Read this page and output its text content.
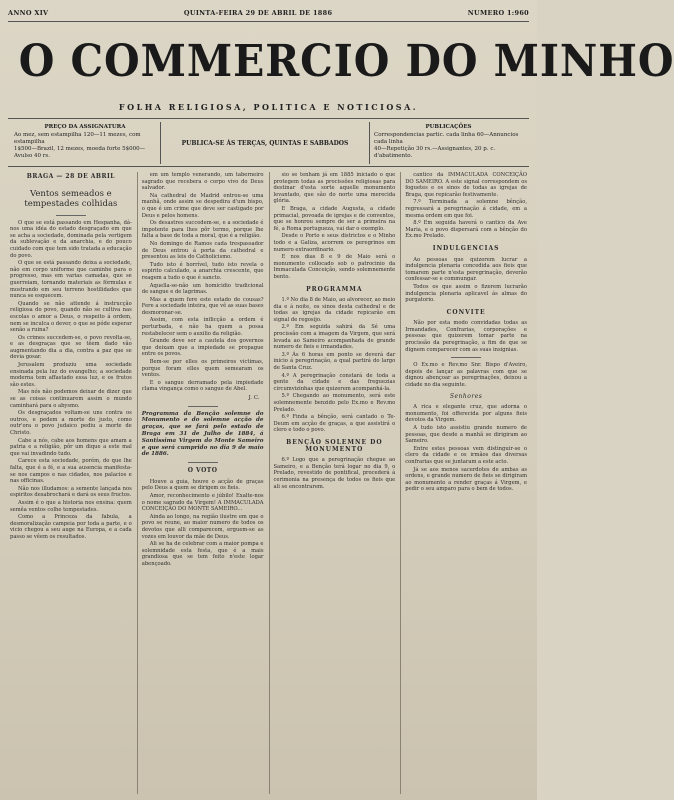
ANNO XIV	QUINTA-FEIRA 29 DE ABRIL DE 1886	NUMERO 1:960
O COMMERCIO DO MINHO
FOLHA RELIGIOSA, POLITICA E NOTICIOSA.
PREÇO DA ASSIGNATURA
Ao mez, sem estampilha 120—11 mezes, com estampilha
1$500—Brazil, 12 mezes, moeda forte 5$000—Avulso 40 rs.
PUBLICA-SE ÁS TERÇAS, QUINTAS E SABBADOS
PUBLICAÇÕES
Correspondencias partic. cada linha 60—Annuncios cada linha
40—Repetição 30 rs.—Assignantes, 20 p. c. d'abatimento.
BRAGA — 28 DE ABRIL
Ventos semeados e tempestades colhidas

O que se está passando em Hespanha, dá-nos uma idéa do estado desgraçado em que se acha a sociedade, dominada pela vertigem da sublevação e da anarchia, e do pouco cuidado com que tem sido tratada a educação do povo.

O que se está passando deixa a sociedade, não em corpo uniforme que caminhe para o progresso, mas em varias camadas, que se guerreiam, tornando materiais as fórmulas e mostrando em seu terreno hostilidades que nunca se esquecem.

Quando se não attende á instrucção religiosa do povo, quando não se cultiva nas escolas o amor a Deus, o respeito á ordem, nem se inculca o dever, o que se póde esperar senão a ruina?

Os crimes succedem-se, o povo revolta-se, e as desgraças que se têem dado vão augmentando dia a dia, contra a paz que se devia gosar.

Jerusalem produziu uma sociedade ensinada pela luz do evangelho; a sociedade moderna tem affastado essa luz, e os frutos são estes.

Mas nós não podemos deixar de dizer que se as coisas continuarem assim o mundo caminhará para o abysmo.

Os desgraçados voltam-se uns contra os outros, e pedem a morte do justo, como outr'ora o povo judaico pediu a morte de Christo.

Cabe a nós, cabe aos homens que amam a patria e a religião, pôr um dique a este mal que vai invadindo tudo.

Carece esta sociedade, porém, do que lhe falta, que é a fé, e a sua ausencia manifesta-se nos campos e nas cidades, nos palacios e nas officinas.

Não nos illudamos: a semente lançada nos espiritos desabrochará e dará os seus fructos.

Assim é o que a historia nos ensina: quem semêa ventos colhe tempestades.

Como a Princeza da fabula, a desmoralização campeia por toda a parte, e o vicio chegou a seu auge na Europa, e a cada passo se vêem os resultados.

em um templo venerando, um taberneiro sagrado que recebera o corpo vivo do Deus salvador.

Na cathedral de Madrid entrou-se uma manhã, onde assim se despedira d'um bispo, o que é um crime que deve ser castigado por Deus e pelos homens.

Os desastres succedem-se, e a sociedade é impotente para lhes pôr termo, porque lhe falta a base de toda a moral, que é a religião.

No domingo de Ramos cada trespassador de Deus entrou á porta da cathedral e presentou as leis do Catholicismo.

Tudo isto é horrível, tudo isto revela o espirito calculado, a anarchia crescente, que reagem a tudo o que é sancto.

Aquella-se-não um homicidio tradicional de sangue e de lagrimas.

Mas a quem fere este estado de cousas? Fere a sociedade inteira, que vê as suas bases desmoronar-se.

Assim, com esta inflicção a ordem é perturbada, e não ha quem a possa restabelecer sem o auxilio da religião.

Grande deve ser a cautela dos governos que deixam que a impiedade se propague entre os povos.

Bem-se por elles os primeiros victimas, porque foram elles quem semearam os ventos.

E o sangue derramado pela impiedade clama vingança como o sangue de Abel.

J. C.
Programma da Benção solemne do Monumento e do solemne acção de graças, que se fará pelo estado de Braga em 31 de Julho de 1884, á Santissima Virgem do Monte Sameiro e que será cumprido no dia 9 de maio de 1886.
O VOTO

Houve a guia, houve o acção de graças pelo Deus a quem se dirigem os fieis.

Amor, reconhecimento e júbilo! Exalte-nos o nome sagrado da Virgem! A IMMACULADA CONCEIÇÃO DO MONTE SAMEIRO...

Ainda ao longo, na região ilustre em que o povo se reune, ao maior numero de todos os devotos que alli comparecem, erguem-se as vozes em louvor da mãe de Deus.

Ali se ha de celebrar com a maior pompa e solemnidade esta festa, que é a mais grandiosa que se tem feito n'este logar abençoado.

sio se tenham já em 1885 iniciado o que protegem todas as procissões religiosas para destinar d'esta sorte aquelle monumento levantado, que são do norte uma merecida glória.

E Braga, a cidade Augusta, a cidade primacial, povoada de igrejas e de conventos, que se honrou sempre de ser a primeira na fé, a Roma portugueza, vai dar o exemplo.

Desde o Porto e seus districtos e o Minho todo e a Galiza, acorrem os peregrinos em numero extraordinario.

E nos dias 8 e 9 de Maio será o monumento collocado sob o patrocinio da Immaculada Conceição, sendo solemnemente bento.

PROGRAMMA

1.º No dia 8 de Maio, ao alvorecer, ao meio dia e á noite, os sinos desta cathedral e de todas as igrejas da cidade repicarão em signal de regosijo.

2.º Em seguida sahirá da Sé uma procissão com a imagem da Virgem, que será levada ao Sameiro acompanhada de grande numero de fieis e irmandades.

3.º Ás 6 horas em ponto se deverá dar inicio á peregrinação, a qual partirá do largo de Santa Cruz.

4.º A peregrinação constará de toda a gente da cidade e das freguezias circumvizinhas que quizerem acompanhá-la.

5.º Chegando ao monumento, será este solemnemente benzido pelo Ex.mo e Rev.mo Prelado.

6.º Finda a bênção, será cantado o Te-Deum em acção de graças, a que assistirá o clero e todo o povo.

BENÇÃO SOLEMNE DO MONUMENTO

6.º Logo que a peregrinação chegue ao Sameiro, e a Benção terá logar no dia 9, o Prelado, revestido de pontifical, procederá á cerimonia na presença de todos os fieis que ali se encontrarem.

cantico da IMMACULADA CONCEIÇÃO DO SAMEIRO. A este signal correspondem os foguetes e os sinos de todas as igrejas de Braga, que repicarão festivamente.

7.º Terminada a solemne bênção, regressará a peregrinação á cidade, em a mesma ordem em que foi.

8.º Em seguida haverá o cantico da Ave Maria, e o povo dispersará com a bênção do Ex.mo Prelado.

INDULGENCIAS

Ao pessoas que quizerem lucrar a indulgencia plenaria concedida aos fieis que tomarem parte n'esta peregrinação, deverão confessar-se e commungar.

Todos os que assim o fizerem lucrarão indulgencia plenaria aplicavel ás almas do purgatorio.

CONVITE

Não por esta modo convidadas todas as Irmandades, Confrarias, corporações e pessoas que quizerem tomar parte na procissão da peregrinação, a fim de que se dignem comparecer com as suas insignias.

O Ex.mo e Rev.mo Snr. Bispo d'Aveiro, depois de lançar as palavras com que se dignou abençoar as peregrinações, deixou a cidade no dia seguinte.

Senhores

A rica e elegante cruz, que adorna o monumento, foi offerecida por alguns fieis devotos da Virgem.

A tudo isto assistiu grande numero de pessoas, que desde a manhã se dirigiram ao Sameiro.

Entre estes pessoas vem distinguir-se o clero da cidade e os irmãos das diversas confrarias que se juntaram a este acto.

Já se aos menos sacerdotes de ambas as ordens, e grande numero de fieis se dirigiram ao monumento a render graças á Virgem, e pedir o seu amparo para o bem de todos.
